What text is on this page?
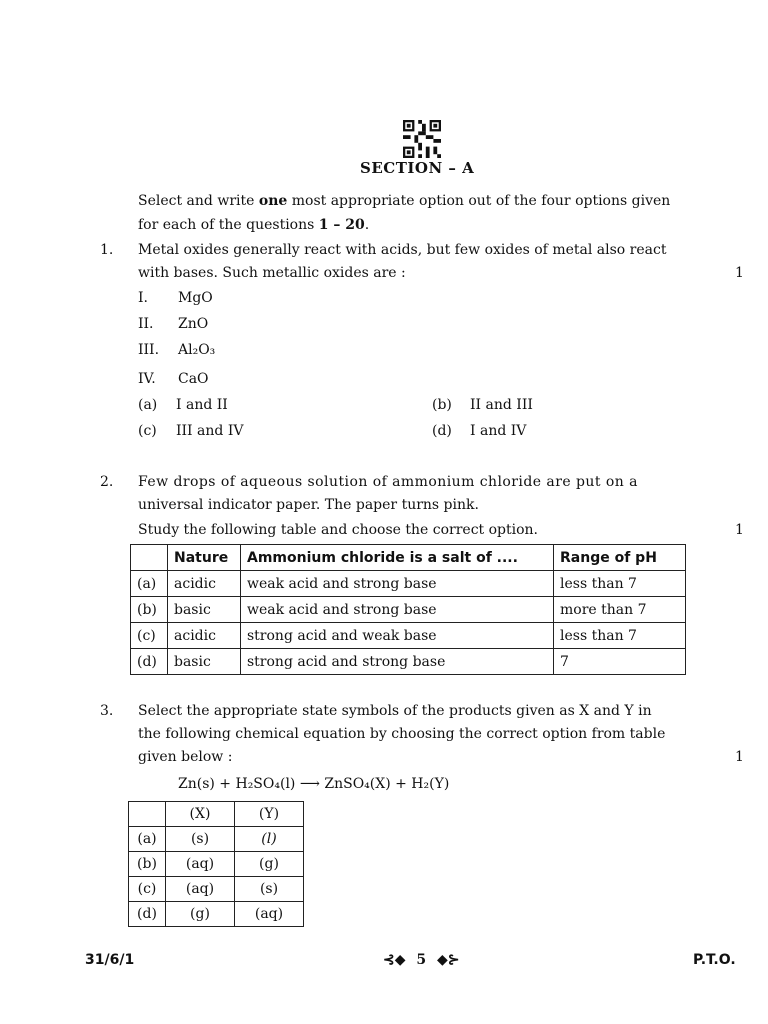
SECTION – A
Select and write one most appropriate option out of the four options given
for each of the questions 1 – 20.
1. Metal oxides generally react with acids, but few oxides of metal also react
with bases. Such metallic oxides are :	1
I. MgO
II. ZnO
III. Al₂O₃
IV. CaO
(a) I and II	(b) II and III
(c) III and IV	(d) I and IV
2. Few drops of aqueous solution of ammonium chloride are put on a
universal indicator paper. The paper turns pink.
Study the following table and choose the correct option.	1
	Nature	Ammonium chloride is a salt of ....	Range of pH
(a)	acidic	weak acid and strong base	less than 7
(b)	basic	weak acid and strong base	more than 7
(c)	acidic	strong acid and weak base	less than 7
(d)	basic	strong acid and strong base	7
3. Select the appropriate state symbols of the products given as X and Y in
the following chemical equation by choosing the correct option from table
given below :	1
Zn(s) + H₂SO₄(l) ⟶ ZnSO₄(X) + H₂(Y)
	(X)	(Y)
(a)	(s)	(l)
(b)	(aq)	(g)
(c)	(aq)	(s)
(d)	(g)	(aq)
31/6/1	⊰◆ 5 ◆⊱	P.T.O.
